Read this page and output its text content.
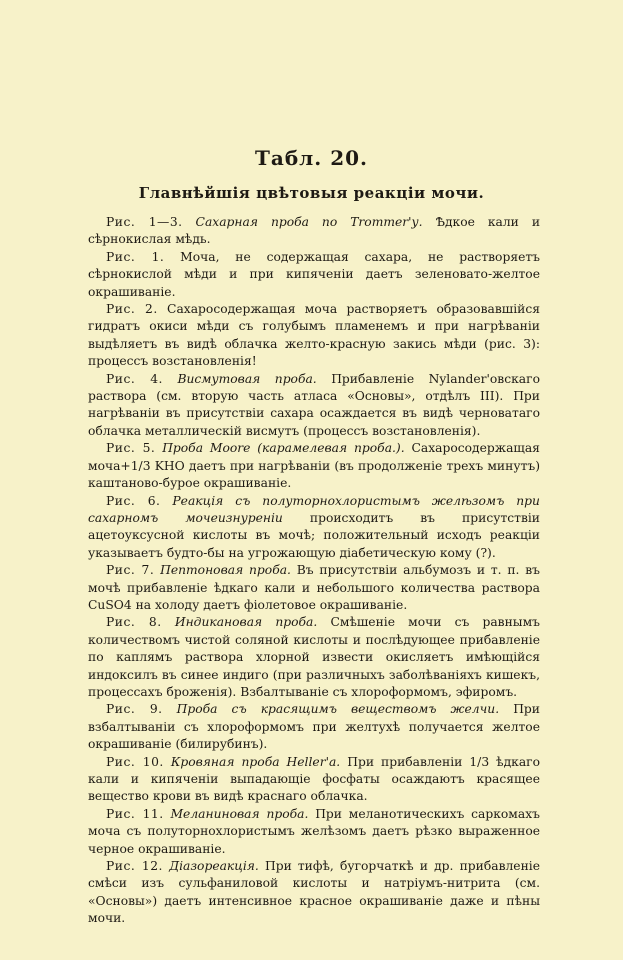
Табл. 20.
Главнѣйшія цвѣтовыя реакціи мочи.

Рис. 1—3. Сахарная проба по Trommer'у. Ѣдкое кали и сѣрнокислая мѣдь.

Рис. 1. Моча, не содержащая сахара, не растворяетъ сѣрнокислой мѣди и при кипяченіи даетъ зеленовато-желтое окрашиваніе.

Рис. 2. Сахаросодержащая моча растворяетъ образовавшійся гидратъ окиси мѣди съ голубымъ пламенемъ и при нагрѣваніи выдѣляетъ въ видѣ облачка желто-красную закись мѣди (рис. 3): процессъ возстановленія!

Рис. 4. Висмутовая проба. Прибавленіе Nylander'овскаго раствора (см. вторую часть атласа «Основы», отдѣлъ III). При нагрѣваніи въ присутствіи сахара осаждается въ видѣ черноватаго облачка металлическій висмутъ (процессъ возстановленія).

Рис. 5. Проба Moore (карамелевая проба.). Сахаросодержащая моча+1/3 KHO даетъ при нагрѣваніи (въ продолженіе трехъ минутъ) каштаново-бурое окрашиваніе.

Рис. 6. Реакція съ полуторнохлористымъ желѣзомъ при сахарномъ мочеизнуреніи происходитъ въ присутствіи ацетоуксусной кислоты въ мочѣ; положительный исходъ реакціи указываетъ будто-бы на угрожающую діабетическую кому (?).

Рис. 7. Пептоновая проба. Въ присутствіи альбумозъ и т. п. въ мочѣ прибавленіе ѣдкаго кали и небольшого количества раствора CuSO4 на холоду даетъ фіолетовое окрашиваніе.

Рис. 8. Индикановая проба. Смѣшеніе мочи съ равнымъ количествомъ чистой соляной кислоты и послѣдующее прибавленіе по каплямъ раствора хлорной извести окисляетъ имѣющійся индоксилъ въ синее индиго (при различныхъ заболѣваніяхъ кишекъ, процессахъ броженія). Взбалтываніе съ хлороформомъ, эфиромъ.

Рис. 9. Проба съ красящимъ веществомъ желчи. При взбалтываніи съ хлороформомъ при желтухѣ получается желтое окрашиваніе (билирубинъ).

Рис. 10. Кровяная проба Heller'а. При прибавленіи 1/3 ѣдкаго кали и кипяченіи выпадающіе фосфаты осаждаютъ красящее вещество крови въ видѣ краснаго облачка.

Рис. 11. Меланиновая проба. При меланотическихъ саркомахъ моча съ полуторнохлористымъ желѣзомъ даетъ рѣзко выраженное черное окрашиваніе.

Рис. 12. Діазореакція. При тифѣ, бугорчаткѣ и др. прибавленіе смѣси изъ сульфаниловой кислоты и натріумъ-нитрита (см. «Основы») даетъ интенсивное красное окрашиваніе даже и пѣны мочи.
